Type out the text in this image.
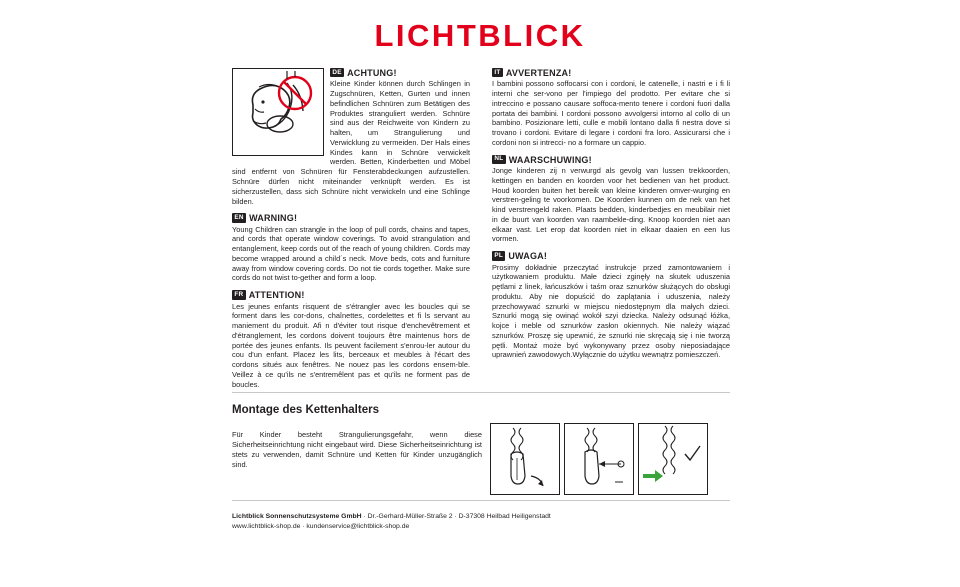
LICHTBLICK
DE ACHTUNG!

Kleine Kinder können durch Schlingen in Zugschnüren, Ketten, Gurten und innen befindlichen Schnüren zum Betätigen des Produktes stranguliert werden. Schnüre sind aus der Reichweite von Kindern zu halten, um Strangulierung und Verwicklung zu vermeiden. Der Hals eines Kindes kann in Schnüre verwickelt werden. Betten, Kinderbetten und Möbel sind entfernt von Schnüren für Fensterabdeckungen aufzustellen. Schnüre dürfen nicht miteinander verknüpft werden. Es ist sicherzustellen, dass sich Schnüre nicht verwickeln und eine Schlinge bilden.

EN WARNING!

Young Children can strangle in the loop of pull cords, chains and tapes, and cords that operate window coverings. To avoid strangulation and entanglement, keep cords out of the reach of young children. Cords may become wrapped around a child´s neck. Move beds, cots and furniture away from window covering cords. Do not tie cords together. Make sure cords do not twist to-gether and form a loop.

FR ATTENTION!

Les jeunes enfants risquent de s'étrangler avec les boucles qui se forment dans les cor-dons, chaînettes, cordelettes et fi ls servant au maniement du produit. Afi n d'éviter tout risque d'enchevêtrement et d'étranglement, les cordons doivent toujours être maintenus hors de portée des jeunes enfants. Ils peuvent facilement s'enrou-ler autour du cou d'un enfant. Placez les lits, berceaux et meubles à l'écart des cordons situés aux fenêtres. Ne nouez pas les cordons ensem-ble. Veillez à ce qu'ils ne s'entremêlent pas et qu'ils ne forment pas de boucles.

IT AVVERTENZA!

I bambini possono soffocarsi con i cordoni, le catenelle, i nastri e i fi li interni che ser-vono per l'impiego del prodotto. Per evitare che si intreccino e possano causare soffoca-mento tenere i cordoni fuori dalla portata dei bambini. I cordoni possono avvolgersi intorno al collo di un bambino. Posizionare letti, culle e mobili lontano dalla fi nestra dove si trovano i cordoni. Evitare di legare i cordoni fra loro. Assicurarsi che i cordoni non si intrecci- no a formare un cappio.

NL WAARSCHUWING!

Jonge kinderen zij n verwurgd als gevolg van lussen trekkoorden, kettingen en banden en koorden voor het bedienen van het product. Houd koorden buiten het bereik van kleine kinderen omver-wurging en verstren-geling te voorkomen. De Koorden kunnen om de nek van het kind verstrengeld raken. Plaats bedden, kinderbedjes en meubilair niet in de buurt van koorden van raambekle-ding. Knoop koorden niet aan elkaar vast. Let erop dat koorden niet in elkaar daaien en een lus vormen.

PL UWAGA!

Prosimy dokładnie przeczytać instrukcje przed zamontowaniem i użytkowaniem produktu. Małe dzieci zginęły na skutek uduszenia pętlami z linek, łańcuszków i taśm oraz sznurków służących do obsługi produktu. Aby nie dopuścić do zaplątania i uduszenia, należy przechowywać sznurki w miejscu niedostępnym dla małych dzieci. Sznurki mogą się owinąć wokół szyi dziecka. Należy odsunąć łóżka, kojce i meble od sznurków zasłon okiennych. Nie należy wiązać sznurków. Proszę się upewnić, że sznurki nie skręcają się i nie tworzą pętli. Montaż może być wykonywany przez osoby nieposiadające uprawnień zawodowych.Wyłącznie do użytku wewnątrz pomieszczeń.

Montage des Kettenhalters

Für Kinder besteht Strangulierungsgefahr, wenn diese Sicherheitseinrichtung nicht eingebaut wird. Diese Sicherheitseinrichtung ist stets zu verwenden, damit Schnüre und Ketten für Kinder unzugänglich sind.

Lichtblick Sonnenschutzsysteme GmbH · Dr.-Gerhard-Müller-Straße 2 · D-37308 Heilbad Heiligenstadt
www.lichtblick-shop.de · kundenservice@lichtblick-shop.de
